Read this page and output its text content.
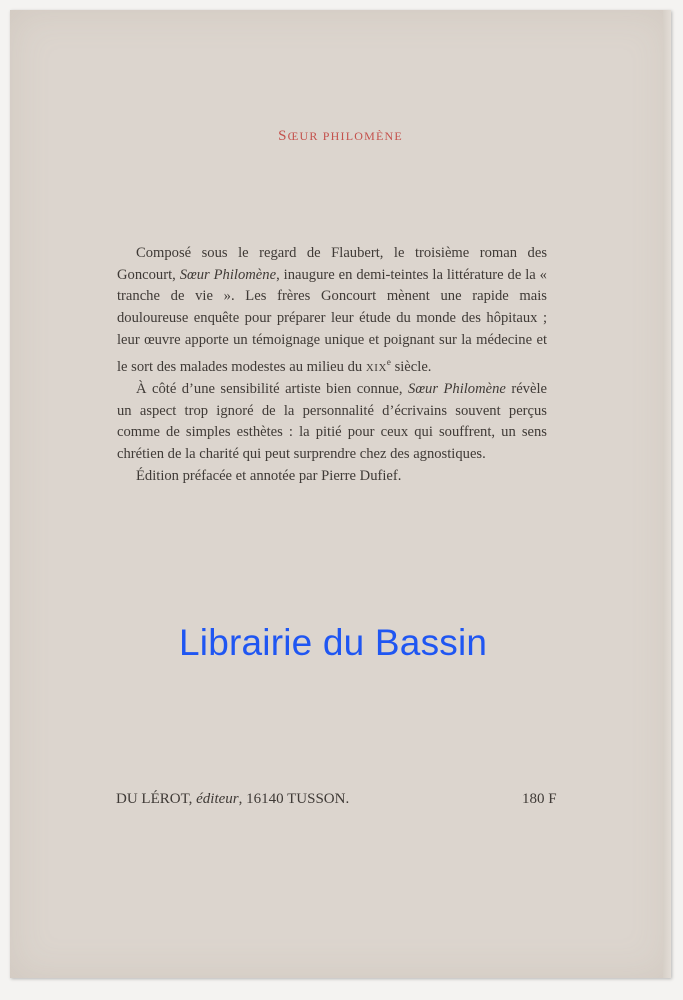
SŒUR PHILOMÈNE

Composé sous le regard de Flaubert, le troisième roman des Goncourt, Sœur Philomène, inaugure en demi-teintes la littérature de la « tranche de vie ». Les frères Goncourt mènent une rapide mais douloureuse enquête pour préparer leur étude du monde des hôpitaux ; leur œuvre apporte un témoignage unique et poignant sur la médecine et le sort des malades modestes au milieu du XIXe siècle.

À côté d’une sensibilité artiste bien connue, Sœur Philomène révèle un aspect trop ignoré de la personnalité d’écrivains souvent perçus comme de simples esthètes : la pitié pour ceux qui souffrent, un sens chrétien de la charité qui peut surprendre chez des agnostiques.

Édition préfacée et annotée par Pierre Dufief.

Librairie du Bassin
DU LÉROT, éditeur, 16140 TUSSON.	180 F
